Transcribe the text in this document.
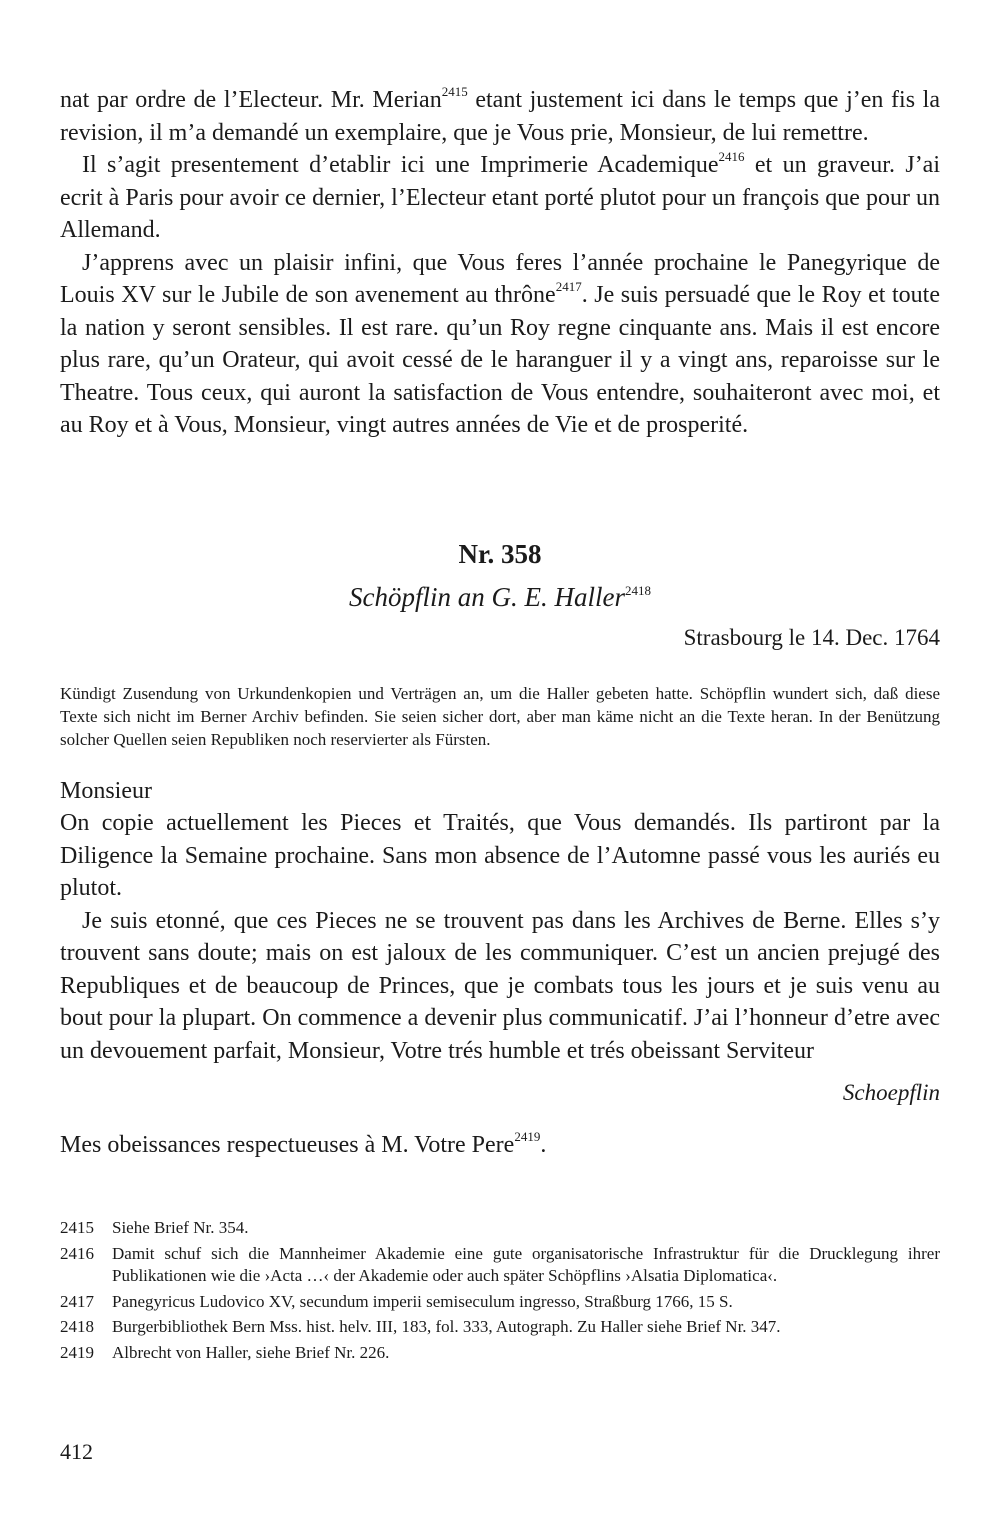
nat par ordre de l’Electeur. Mr. Merian$^{2415}$ etant justement ici dans le temps que j’en fis la revision, il m’a demandé un exemplaire, que je Vous prie, Monsieur, de lui remettre.

Il s’agit presentement d’etablir ici une Imprimerie Academique$^{2416}$ et un graveur. J’ai ecrit à Paris pour avoir ce dernier, l’Electeur etant porté plutot pour un françois que pour un Allemand.

J’apprens avec un plaisir infini, que Vous feres l’année prochaine le Panegyrique de Louis XV sur le Jubile de son avenement au thrône$^{2417}$. Je suis persuadé que le Roy et toute la nation y seront sensibles. Il est rare. qu’un Roy regne cinquante ans. Mais il est encore plus rare, qu’un Orateur, qui avoit cessé de le haranguer il y a vingt ans, reparoisse sur le Theatre. Tous ceux, qui auront la satisfaction de Vous entendre, souhaiteront avec moi, et au Roy et à Vous, Monsieur, vingt autres années de Vie et de prosperité.

Nr. 358

Schöpflin an G. E. Haller$^{2418}$

Strasbourg le 14. Dec. 1764

Kündigt Zusendung von Urkundenkopien und Verträgen an, um die Haller gebeten hatte. Schöpflin wundert sich, daß diese Texte sich nicht im Berner Archiv befinden. Sie seien sicher dort, aber man käme nicht an die Texte heran. In der Benützung solcher Quellen seien Republiken noch reservierter als Fürsten.

Monsieur

On copie actuellement les Pieces et Traités, que Vous demandés. Ils partiront par la Diligence la Semaine prochaine. Sans mon absence de l’Automne passé vous les auriés eu plutot.

Je suis etonné, que ces Pieces ne se trouvent pas dans les Archives de Berne. Elles s’y trouvent sans doute; mais on est jaloux de les communiquer. C’est un ancien prejugé des Republiques et de beaucoup de Princes, que je combats tous les jours et je suis venu au bout pour la plupart. On commence a devenir plus communicatif. J’ai l’honneur d’etre avec un devouement parfait, Monsieur, Votre trés humble et trés obeissant Serviteur

Schoepflin

Mes obeissances respectueuses à M. Votre Pere$^{2419}$.

2415	Siehe Brief Nr. 354.
2416	Damit schuf sich die Mannheimer Akademie eine gute organisatorische Infrastruktur für die Drucklegung ihrer Publikationen wie die ›Acta …‹ der Akademie oder auch später Schöpflins ›Alsatia Diplomatica‹.
2417	Panegyricus Ludovico XV, secundum imperii semiseculum ingresso, Straßburg 1766, 15 S.
2418	Burgerbibliothek Bern Mss. hist. helv. III, 183, fol. 333, Autograph. Zu Haller siehe Brief Nr. 347.
2419	Albrecht von Haller, siehe Brief Nr. 226.
412
